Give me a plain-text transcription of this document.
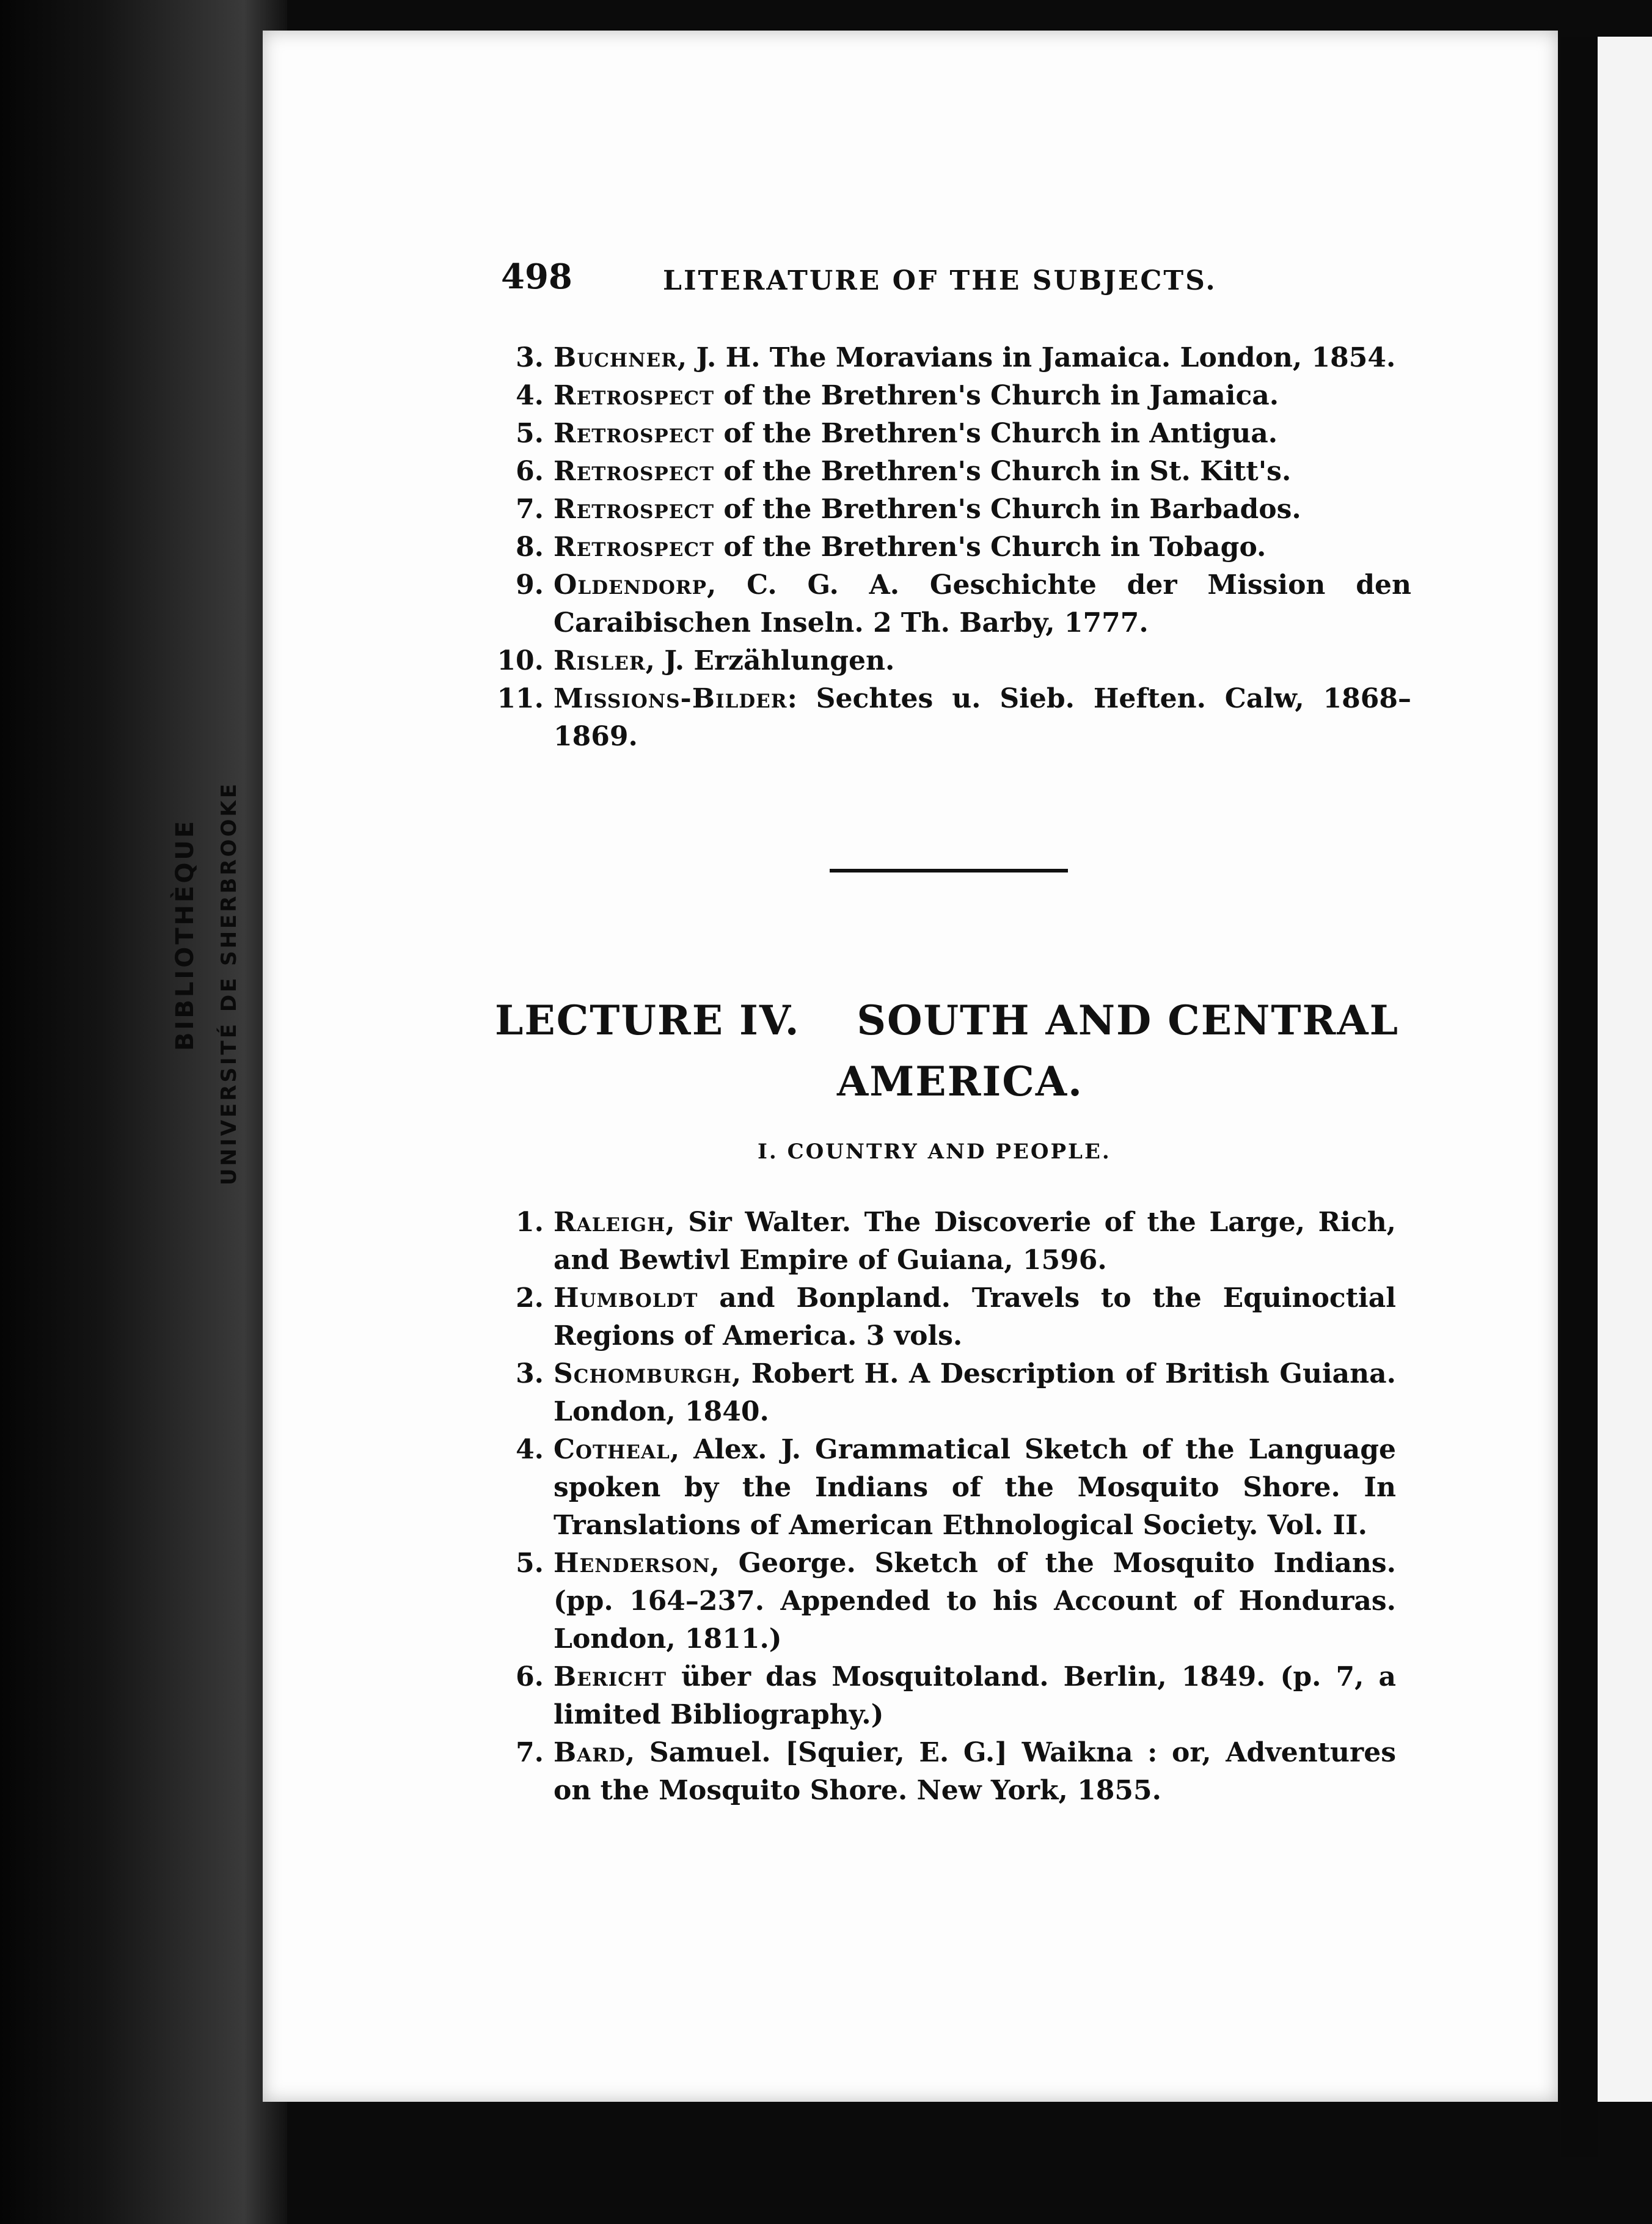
BIBLIOTHÈQUE UNIVERSITÉ DE SHERBROOKE
498	LITERATURE OF THE SUBJECTS.
3. Buchner, J. H. The Moravians in Jamaica. London, 1854.
4. Retrospect of the Brethren's Church in Jamaica.
5. Retrospect of the Brethren's Church in Antigua.
6. Retrospect of the Brethren's Church in St. Kitt's.
7. Retrospect of the Brethren's Church in Barbados.
8. Retrospect of the Brethren's Church in Tobago.
9. Oldendorp, C. G. A. Geschichte der Mission den Caraibischen Inseln. 2 Th. Barby, 1777.
10. Risler, J. Erzählungen.
11. Missions-Bilder: Sechtes u. Sieb. Heften. Calw, 1868–1869.
LECTURE IV. SOUTH AND CENTRAL
AMERICA.
I. COUNTRY AND PEOPLE.
1. Raleigh, Sir Walter. The Discoverie of the Large, Rich, and Bewtivl Empire of Guiana, 1596.
2. Humboldt and Bonpland. Travels to the Equinoctial Regions of America. 3 vols.
3. Schomburgh, Robert H. A Description of British Guiana. London, 1840.
4. Cotheal, Alex. J. Grammatical Sketch of the Language spoken by the Indians of the Mosquito Shore. In Translations of American Ethnological Society. Vol. II.
5. Henderson, George. Sketch of the Mosquito Indians. (pp. 164–237. Appended to his Account of Honduras. London, 1811.)
6. Bericht über das Mosquitoland. Berlin, 1849. (p. 7, a limited Bibliography.)
7. Bard, Samuel. [Squier, E. G.] Waikna : or, Adventures on the Mosquito Shore. New York, 1855.
